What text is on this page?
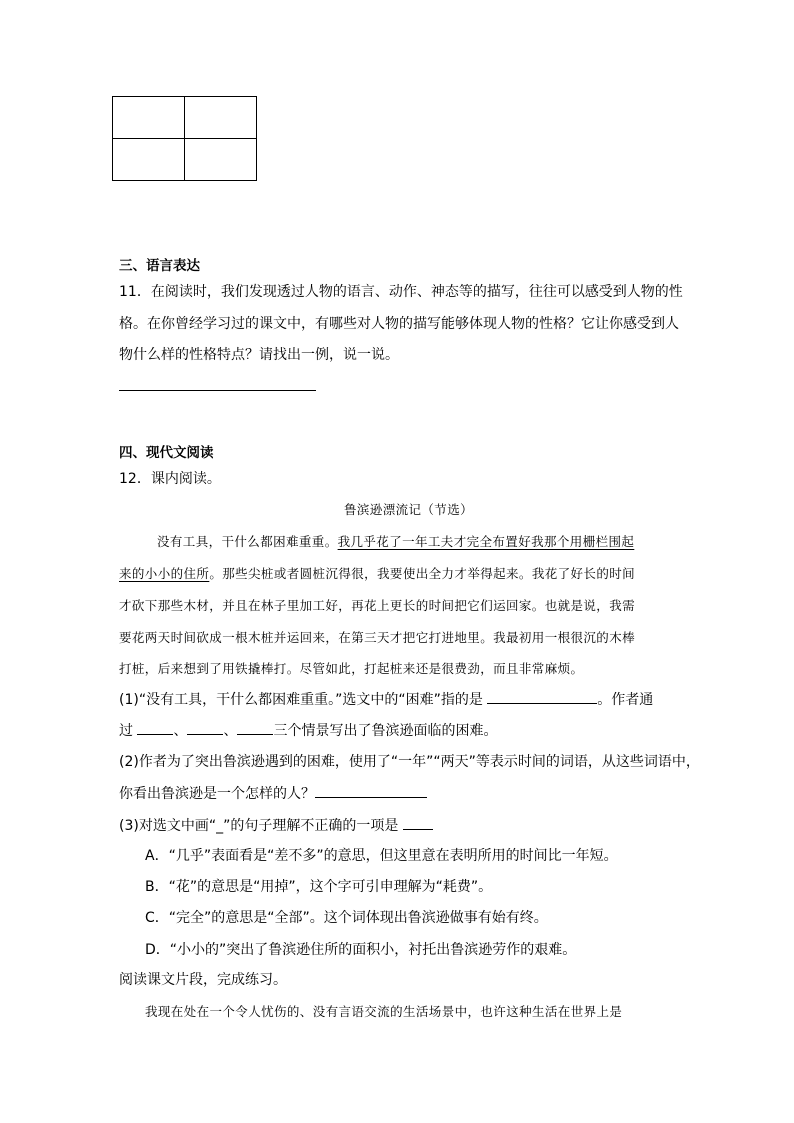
三、语言表达
11．在阅读时，我们发现透过人物的语言、动作、神态等的描写，往往可以感受到人物的性
格。在你曾经学习过的课文中，有哪些对人物的描写能够体现人物的性格？它让你感受到人
物什么样的性格特点？请找出一例，说一说。
四、现代文阅读
12．课内阅读。
鲁滨逊漂流记（节选）
没有工具，干什么都困难重重。我几乎花了一年工夫才完全布置好我那个用栅栏围起
来的小小的住所。那些尖桩或者圆桩沉得很，我要使出全力才举得起来。我花了好长的时间
才砍下那些木材，并且在林子里加工好，再花上更长的时间把它们运回家。也就是说，我需
要花两天时间砍成一根木桩并运回来，在第三天才把它打进地里。我最初用一根很沉的木棒
打桩，后来想到了用铁撬棒打。尽管如此，打起桩来还是很费劲，而且非常麻烦。
(1)“没有工具，干什么都困难重重。”选文中的“困难”指的是	。作者通
过	、	、	三个情景写出了鲁滨逊面临的困难。
(2)作者为了突出鲁滨逊遇到的困难，使用了“一年”“两天”等表示时间的词语，从这些词语中，
你看出鲁滨逊是一个怎样的人？
(3)对选文中画“_”的句子理解不正确的一项是
A．“几乎”表面看是“差不多”的意思，但这里意在表明所用的时间比一年短。
B．“花”的意思是“用掉”，这个字可引申理解为“耗费”。
C．“完全”的意思是“全部”。这个词体现出鲁滨逊做事有始有终。
D．“小小的”突出了鲁滨逊住所的面积小，衬托出鲁滨逊劳作的艰难。
阅读课文片段，完成练习。
我现在处在一个令人忧伤的、没有言语交流的生活场景中，也许这种生活在世界上是
